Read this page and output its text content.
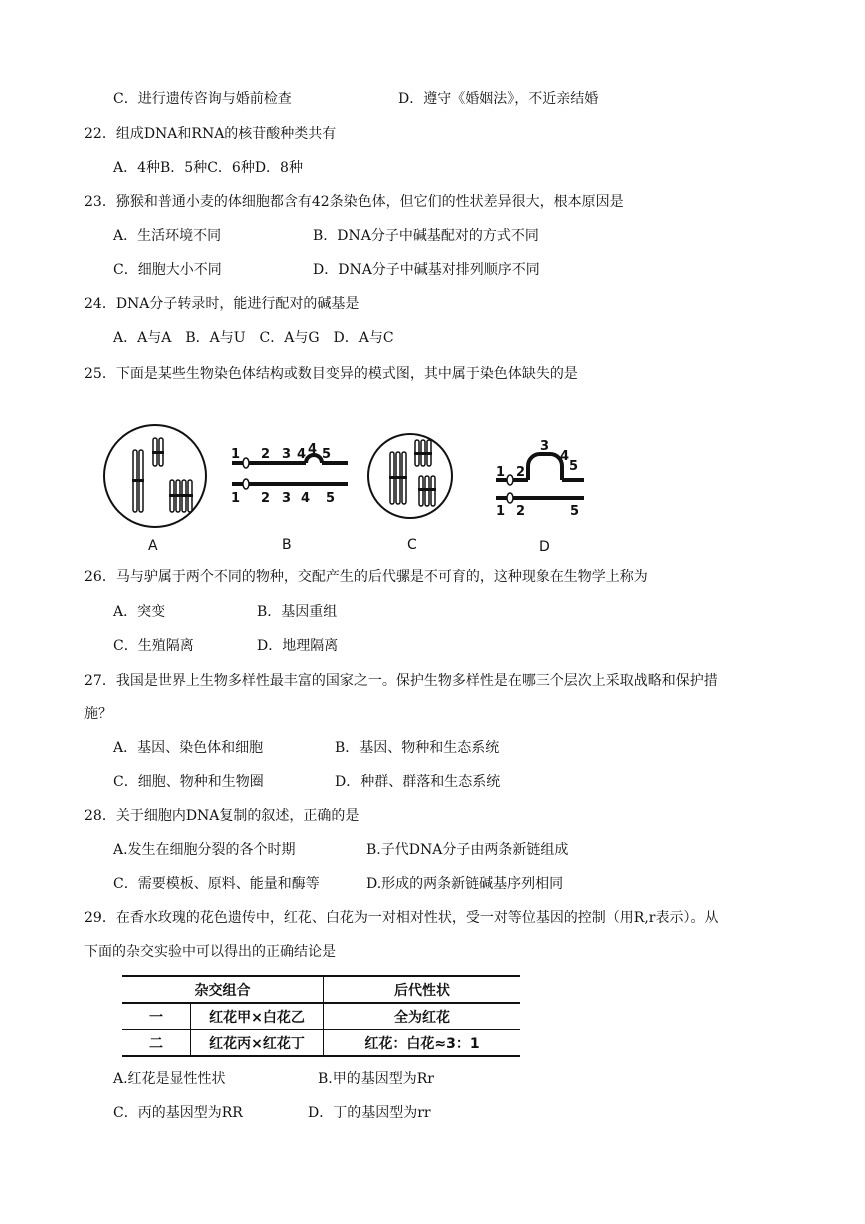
C．进行遗传咨询与婚前检查	D．遵守《婚姻法》，不近亲结婚
22．组成DNA和RNA的核苷酸种类共有
A．4种B．5种C．6种D．8种
23．猕猴和普通小麦的体细胞都含有42条染色体，但它们的性状差异很大，根本原因是
A．生活环境不同	B．DNA分子中碱基配对的方式不同
C．细胞大小不同	D．DNA分子中碱基对排列顺序不同
24．DNA分子转录时，能进行配对的碱基是
A．A与A　B．A与U　C．A与G　D．A与C
25．下面是某些生物染色体结构或数目变异的模式图，其中属于染色体缺失的是
1 2 3 4 4 5
1 2 3 4 5
1 2
3
4
5
1 2	5
A	B	C	D
26．马与驴属于两个不同的物种，交配产生的后代骡是不可育的，这种现象在生物学上称为
A．突变	B．基因重组
C．生殖隔离	D．地理隔离
27．我国是世界上生物多样性最丰富的国家之一。保护生物多样性是在哪三个层次上采取战略和保护措
施？
A．基因、染色体和细胞	B．基因、物种和生态系统
C．细胞、物种和生物圈	D．种群、群落和生态系统
28．关于细胞内DNA复制的叙述，正确的是
A.发生在细胞分裂的各个时期	B.子代DNA分子由两条新链组成
C．需要模板、原料、能量和酶等	D.形成的两条新链碱基序列相同
29．在香水玫瑰的花色遗传中，红花、白花为一对相对性状，受一对等位基因的控制（用R,r表示）。从
下面的杂交实验中可以得出的正确结论是
杂交组合		后代性状
一	红花甲×白花乙	全为红花
二	红花丙×红花丁	红花：白花≈3：1
A.红花是显性性状	B.甲的基因型为Rr
C．丙的基因型为RR	D．丁的基因型为rr
